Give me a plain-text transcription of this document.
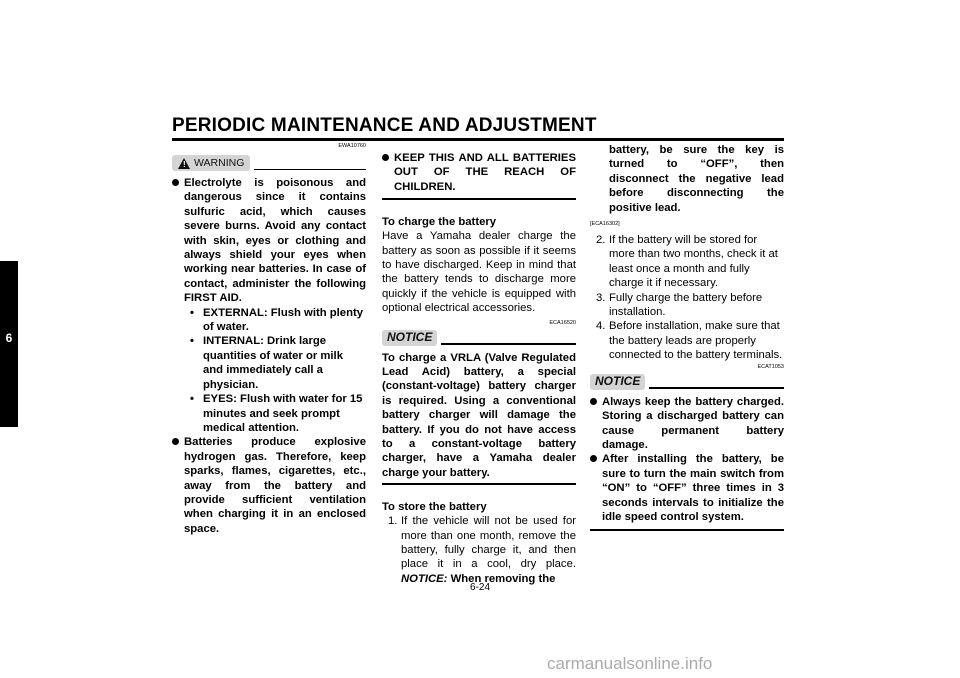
PERIODIC MAINTENANCE AND ADJUSTMENT
6
EWA10760
! WARNING
Electrolyte is poisonous and dangerous since it contains sulfuric acid, which causes severe burns. Avoid any contact with skin, eyes or clothing and always shield your eyes when working near batteries. In case of contact, administer the following FIRST AID.
• EXTERNAL: Flush with plenty of water.
• INTERNAL: Drink large quantities of water or milk and immediately call a physician.
• EYES: Flush with water for 15 minutes and seek prompt medical attention.
Batteries produce explosive hydrogen gas. Therefore, keep sparks, flames, cigarettes, etc., away from the battery and provide sufficient ventilation when charging it in an enclosed space.
KEEP THIS AND ALL BATTERIES OUT OF THE REACH OF CHILDREN.
To charge the battery
Have a Yamaha dealer charge the battery as soon as possible if it seems to have discharged. Keep in mind that the battery tends to discharge more quickly if the vehicle is equipped with optional electrical accessories.
ECA16520
NOTICE
To charge a VRLA (Valve Regulated Lead Acid) battery, a special (constant-voltage) battery charger is required. Using a conventional battery charger will damage the battery. If you do not have access to a constant-voltage battery charger, have a Yamaha dealer charge your battery.
To store the battery
1. If the vehicle will not be used for more than one month, remove the battery, fully charge it, and then place it in a cool, dry place. NOTICE: When removing the
battery, be sure the key is turned to “OFF”, then disconnect the negative lead before disconnecting the positive lead.
[ECA16302]
2. If the battery will be stored for more than two months, check it at least once a month and fully charge it if necessary.
3. Fully charge the battery before installation.
4. Before installation, make sure that the battery leads are properly connected to the battery terminals.
ECAT1053
NOTICE
Always keep the battery charged. Storing a discharged battery can cause permanent battery damage.
After installing the battery, be sure to turn the main switch from “ON” to “OFF” three times in 3 seconds intervals to initialize the idle speed control system.
6-24
carmanualsonline.info
